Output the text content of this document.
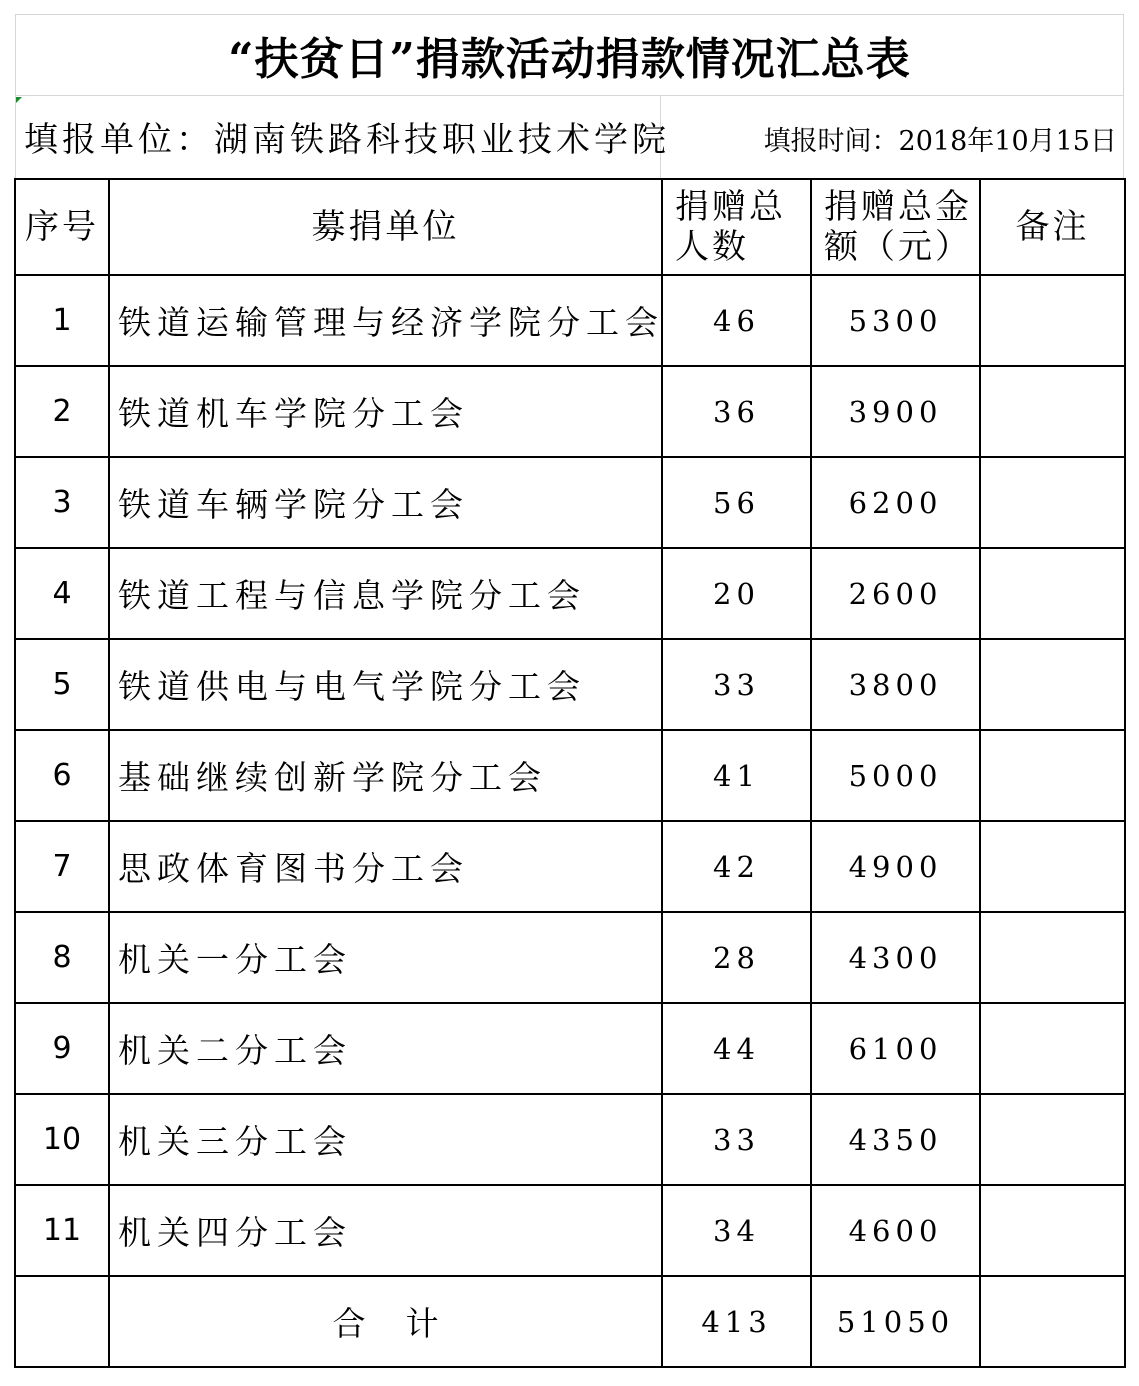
“扶贫日”捐款活动捐款情况汇总表
填报单位：湖南铁路科技职业技术学院	填报时间：2018年10月15日
序号	募捐单位	捐赠总人数	捐赠总金额（元）	备注
1	铁道运输管理与经济学院分工会	46	5300	
2	铁道机车学院分工会	36	3900	
3	铁道车辆学院分工会	56	6200	
4	铁道工程与信息学院分工会	20	2600	
5	铁道供电与电气学院分工会	33	3800	
6	基础继续创新学院分工会	41	5000	
7	思政体育图书分工会	42	4900	
8	机关一分工会	28	4300	
9	机关二分工会	44	6100	
10	机关三分工会	33	4350	
11	机关四分工会	34	4600	
	合计	413	51050	
